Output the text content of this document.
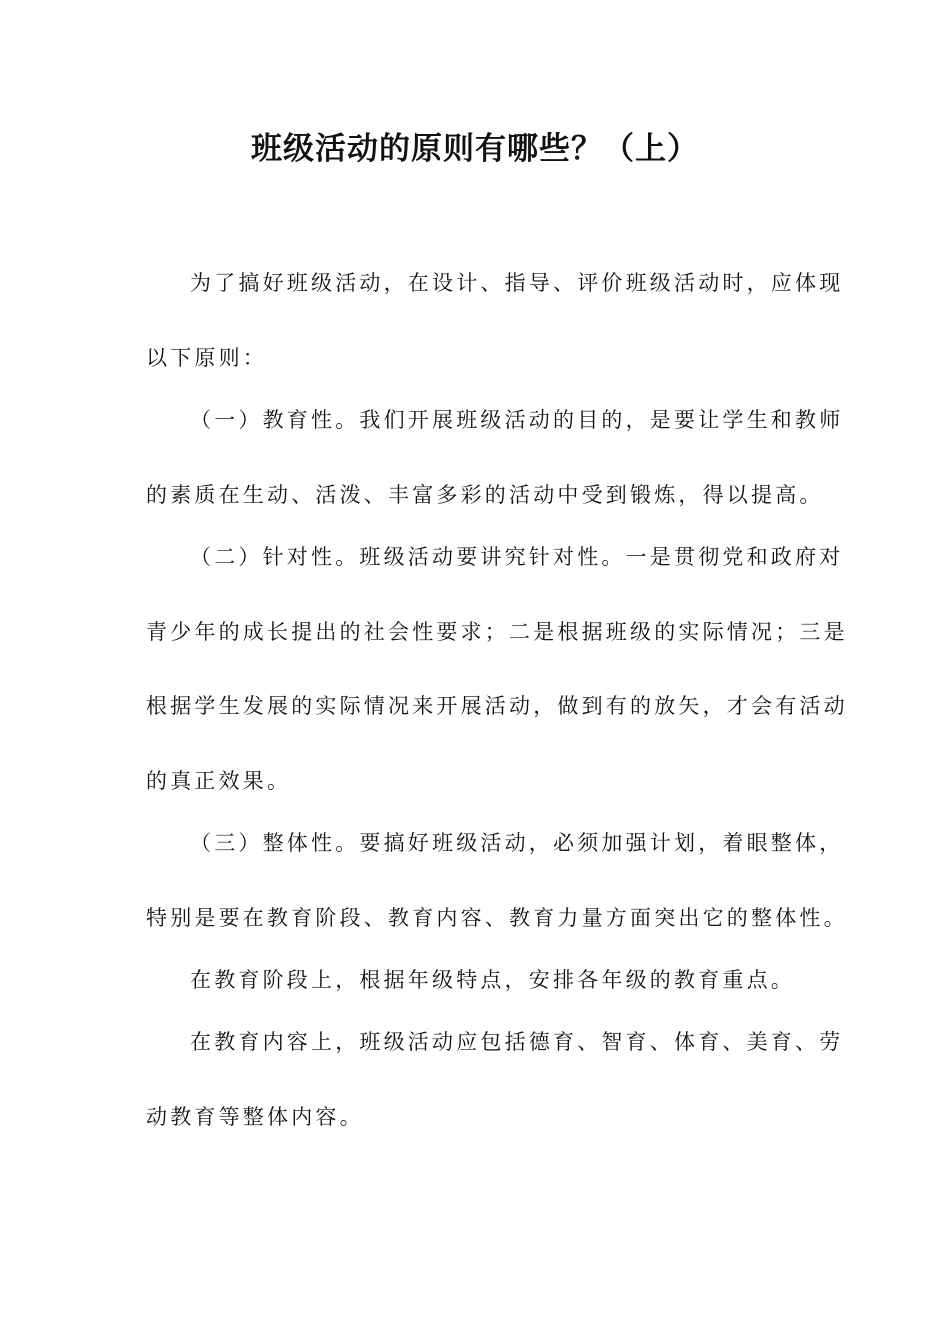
班级活动的原则有哪些？（上）
为了搞好班级活动，在设计、指导、评价班级活动时，应体现
以下原则：
（一）教育性。我们开展班级活动的目的，是要让学生和教师
的素质在生动、活泼、丰富多彩的活动中受到锻炼，得以提高。
（二）针对性。班级活动要讲究针对性。一是贯彻党和政府对
青少年的成长提出的社会性要求；二是根据班级的实际情况；三是
根据学生发展的实际情况来开展活动，做到有的放矢，才会有活动
的真正效果。
（三）整体性。要搞好班级活动，必须加强计划，着眼整体，
特别是要在教育阶段、教育内容、教育力量方面突出它的整体性。
在教育阶段上，根据年级特点，安排各年级的教育重点。
在教育内容上，班级活动应包括德育、智育、体育、美育、劳
动教育等整体内容。
